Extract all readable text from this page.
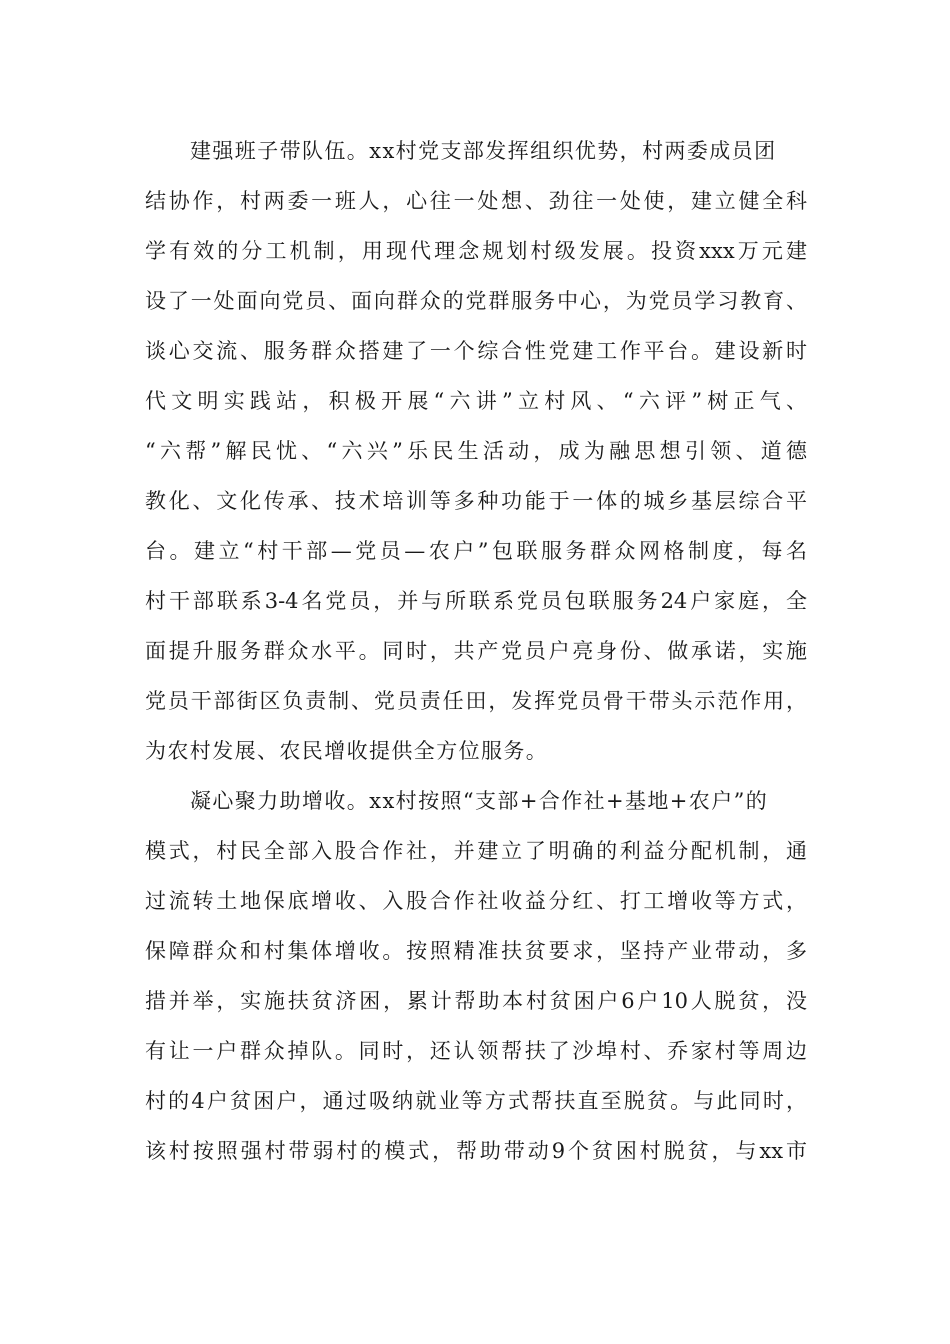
建强班子带队伍。xx村党支部发挥组织优势，村两委成员团
结协作，村两委一班人，心往一处想、劲往一处使，建立健全科
学有效的分工机制，用现代理念规划村级发展。投资xxx万元建
设了一处面向党员、面向群众的党群服务中心，为党员学习教育、
谈心交流、服务群众搭建了一个综合性党建工作平台。建设新时
代文明实践站，积极开展“六讲”立村风、“六评”树正气、
“六帮”解民忧、“六兴”乐民生活动，成为融思想引领、道德
教化、文化传承、技术培训等多种功能于一体的城乡基层综合平
台。建立“村干部—党员—农户”包联服务群众网格制度，每名
村干部联系3-4名党员，并与所联系党员包联服务24户家庭，全
面提升服务群众水平。同时，共产党员户亮身份、做承诺，实施
党员干部街区负责制、党员责任田，发挥党员骨干带头示范作用，
为农村发展、农民增收提供全方位服务。
凝心聚力助增收。xx村按照“支部+合作社+基地+农户”的
模式，村民全部入股合作社，并建立了明确的利益分配机制，通
过流转土地保底增收、入股合作社收益分红、打工增收等方式，
保障群众和村集体增收。按照精准扶贫要求，坚持产业带动，多
措并举，实施扶贫济困，累计帮助本村贫困户6户10人脱贫，没
有让一户群众掉队。同时，还认领帮扶了沙埠村、乔家村等周边
村的4户贫困户，通过吸纳就业等方式帮扶直至脱贫。与此同时，
该村按照强村带弱村的模式，帮助带动9个贫困村脱贫，与xx市
